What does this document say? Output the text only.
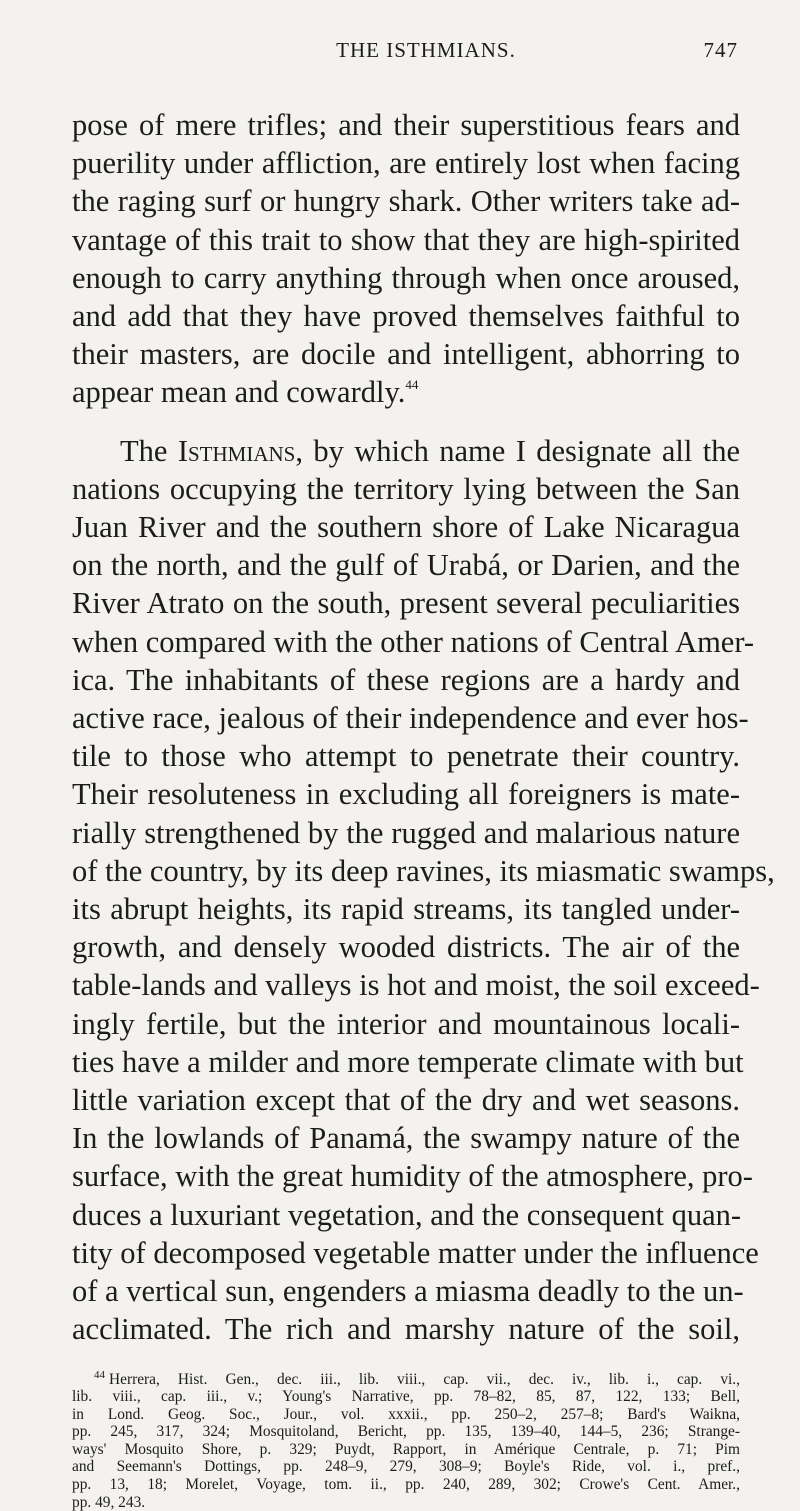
THE ISTHMIANS.	747
pose of mere trifles; and their superstitious fears and
puerility under affliction, are entirely lost when facing
the raging surf or hungry shark. Other writers take ad-
vantage of this trait to show that they are high-spirited
enough to carry anything through when once aroused,
and add that they have proved themselves faithful to
their masters, are docile and intelligent, abhorring to
appear mean and cowardly.$^{44}$
The Isthmians, by which name I designate all the
nations occupying the territory lying between the San
Juan River and the southern shore of Lake Nicaragua
on the north, and the gulf of Urabá, or Darien, and the
River Atrato on the south, present several peculiarities
when compared with the other nations of Central Amer-
ica. The inhabitants of these regions are a hardy and
active race, jealous of their independence and ever hos-
tile to those who attempt to penetrate their country.
Their resoluteness in excluding all foreigners is mate-
rially strengthened by the rugged and malarious nature
of the country, by its deep ravines, its miasmatic swamps,
its abrupt heights, its rapid streams, its tangled under-
growth, and densely wooded districts. The air of the
table-lands and valleys is hot and moist, the soil exceed-
ingly fertile, but the interior and mountainous locali-
ties have a milder and more temperate climate with but
little variation except that of the dry and wet seasons.
In the lowlands of Panamá, the swampy nature of the
surface, with the great humidity of the atmosphere, pro-
duces a luxuriant vegetation, and the consequent quan-
tity of decomposed vegetable matter under the influence
of a vertical sun, engenders a miasma deadly to the un-
acclimated. The rich and marshy nature of the soil,
$^{44}$ Herrera, Hist. Gen., dec. iii., lib. viii., cap. vii., dec. iv., lib. i., cap. vi.,
lib. viii., cap. iii., v.; Young's Narrative, pp. 78–82, 85, 87, 122, 133; Bell,
in Lond. Geog. Soc., Jour., vol. xxxii., pp. 250–2, 257–8; Bard's Waikna,
pp. 245, 317, 324; Mosquitoland, Bericht, pp. 135, 139–40, 144–5, 236; Strange-
ways' Mosquito Shore, p. 329; Puydt, Rapport, in Amérique Centrale, p. 71; Pim
and Seemann's Dottings, pp. 248–9, 279, 308–9; Boyle's Ride, vol. i., pref.,
pp. 13, 18; Morelet, Voyage, tom. ii., pp. 240, 289, 302; Crowe's Cent. Amer.,
pp. 49, 243.
